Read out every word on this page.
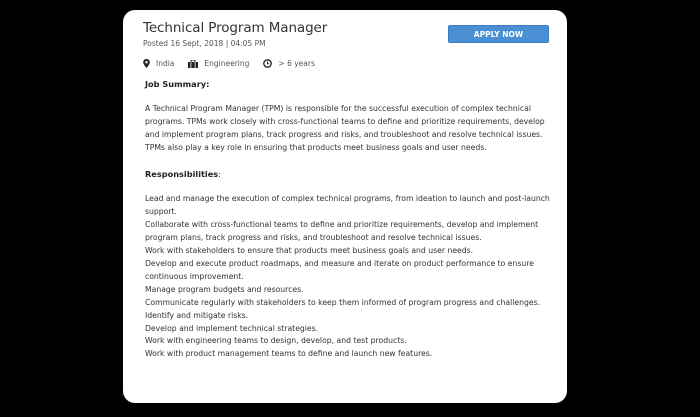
Technical Program Manager
Posted 16 Sept, 2018 | 04:05 PM
APPLY NOW
India	Engineering	> 6 years
Job Summary:
A Technical Program Manager (TPM) is responsible for the successful execution of complex technical programs. TPMs work closely with cross-functional teams to define and prioritize requirements, develop and implement program plans, track progress and risks, and troubleshoot and resolve technical issues. TPMs also play a key role in ensuring that products meet business goals and user needs.
Responsibilities:
Lead and manage the execution of complex technical programs, from ideation to launch and post-launch support.
Collaborate with cross-functional teams to define and prioritize requirements, develop and implement program plans, track progress and risks, and troubleshoot and resolve technical issues.
Work with stakeholders to ensure that products meet business goals and user needs.
Develop and execute product roadmaps, and measure and iterate on product performance to ensure continuous improvement.
Manage program budgets and resources.
Communicate regularly with stakeholders to keep them informed of program progress and challenges.
Identify and mitigate risks.
Develop and implement technical strategies.
Work with engineering teams to design, develop, and test products.
Work with product management teams to define and launch new features.
